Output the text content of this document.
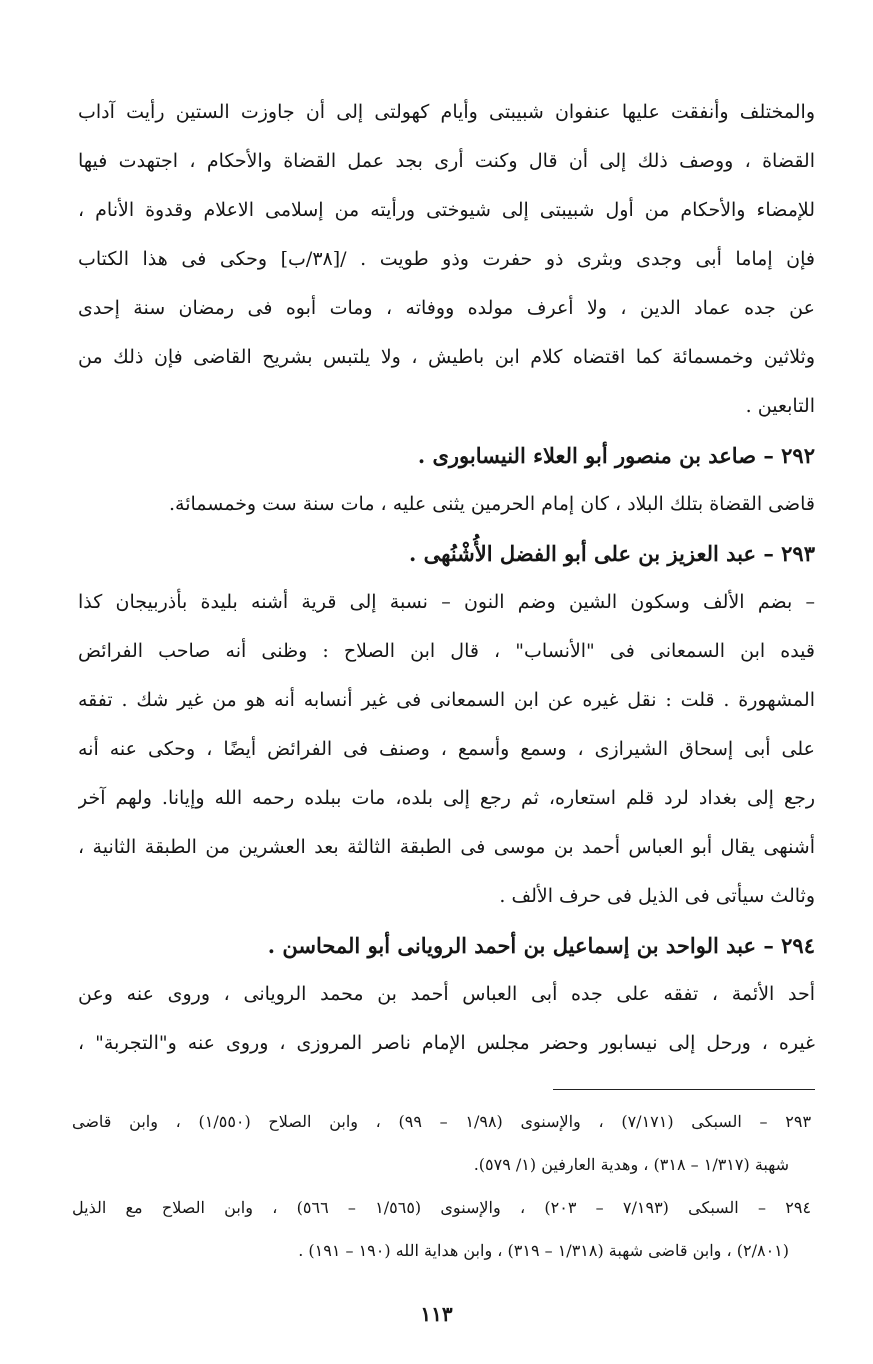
والمختلف وأنفقت عليها عنفوان شبيبتى وأيام كهولتى إلى أن جاوزت الستين رأيت آداب
القضاة ، ووصف ذلك إلى أن قال وكنت أرى بجد عمل القضاة والأحكام ، اجتهدت فيها
للإمضاء والأحكام من أول شبيبتى إلى شيوختى ورأيته من إسلامى الاعلام وقدوة الأنام ،
فإن إماما أبى وجدى وبثرى ذو حفرت وذو طويت . /[٣٨/ب] وحكى فى هذا الكتاب
عن جده عماد الدين ، ولا أعرف مولده ووفاته ، ومات أبوه فى رمضان سنة إحدى
وثلاثين وخمسمائة كما اقتضاه كلام ابن باطيش ، ولا يلتبس بشريح القاضى فإن ذلك من
التابعين .
٢٩٢ – صاعد بن منصور أبو العلاء النيسابورى .
قاضى القضاة بتلك البلاد ، كان إمام الحرمين يثنى عليه ، مات سنة ست وخمسمائة.
٢٩٣ – عبد العزيز بن على أبو الفضل الأُشْنُهى .
– بضم الألف وسكون الشين وضم النون – نسبة إلى قرية أشنه بليدة بأذربيجان كذا
قيده ابن السمعانى فى "الأنساب" ، قال ابن الصلاح : وظنى أنه صاحب الفرائض
المشهورة . قلت : نقل غيره عن ابن السمعانى فى غير أنسابه أنه هو من غير شك . تفقه
على أبى إسحاق الشيرازى ، وسمع وأسمع ، وصنف فى الفرائض أيضًا ، وحكى عنه أنه
رجع إلى بغداد لرد قلم استعاره، ثم رجع إلى بلده، مات ببلده رحمه الله وإيانا. ولهم آخر
أشنهى يقال أبو العباس أحمد بن موسى فى الطبقة الثالثة بعد العشرين من الطبقة الثانية ،
وثالث سيأتى فى الذيل فى حرف الألف .
٢٩٤ – عبد الواحد بن إسماعيل بن أحمد الرويانى أبو المحاسن .
أحد الأئمة ، تفقه على جده أبى العباس أحمد بن محمد الرويانى ، وروى عنه وعن
غيره ، ورحل إلى نيسابور وحضر مجلس الإمام ناصر المروزى ، وروى عنه و"التجربة" ،
٢٩٣ – السبكى (٧/١٧١) ، والإسنوى (١/٩٨ – ٩٩) ، وابن الصلاح (١/٥٥٠) ، وابن قاضى
شهبة (١/٣١٧ – ٣١٨) ، وهدية العارفين (١/ ٥٧٩).
٢٩٤ – السبكى (٧/١٩٣ – ٢٠٣) ، والإسنوى (١/٥٦٥ – ٥٦٦) ، وابن الصلاح مع الذيل
(٢/٨٠١) ، وابن قاضى شهبة (١/٣١٨ – ٣١٩) ، وابن هداية الله (١٩٠ – ١٩١) .
١١٣
